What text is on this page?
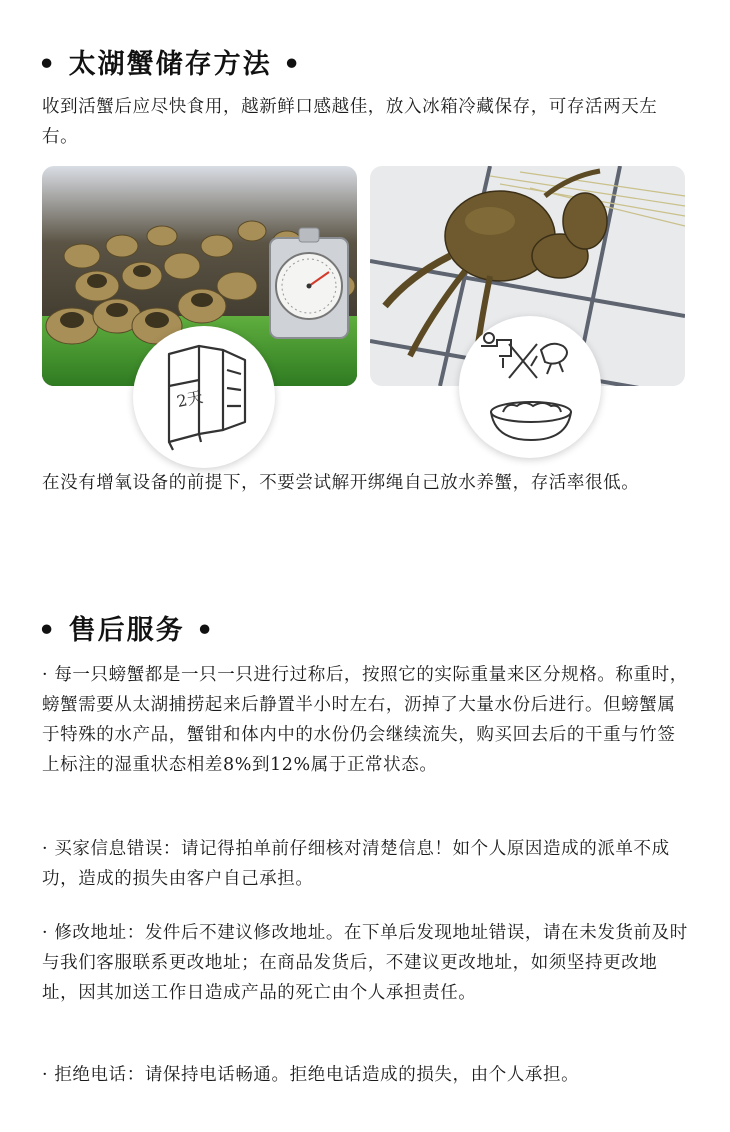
• 太湖蟹储存方法 •
收到活蟹后应尽快食用，越新鲜口感越佳，放入冰箱冷藏保存，可存活两天左右。
2天
在没有增氧设备的前提下，不要尝试解开绑绳自己放水养蟹，存活率很低。
• 售后服务 •
· 每一只螃蟹都是一只一只进行过称后，按照它的实际重量来区分规格。称重时，螃蟹需要从太湖捕捞起来后静置半小时左右，沥掉了大量水份后进行。但螃蟹属于特殊的水产品，蟹钳和体内中的水份仍会继续流失，购买回去后的干重与竹签上标注的湿重状态相差8%到12%属于正常状态。
· 买家信息错误：请记得拍单前仔细核对清楚信息！如个人原因造成的派单不成功，造成的损失由客户自己承担。
· 修改地址：发件后不建议修改地址。在下单后发现地址错误，请在未发货前及时与我们客服联系更改地址；在商品发货后，不建议更改地址，如须坚持更改地址，因其加送工作日造成产品的死亡由个人承担责任。
· 拒绝电话：请保持电话畅通。拒绝电话造成的损失，由个人承担。
